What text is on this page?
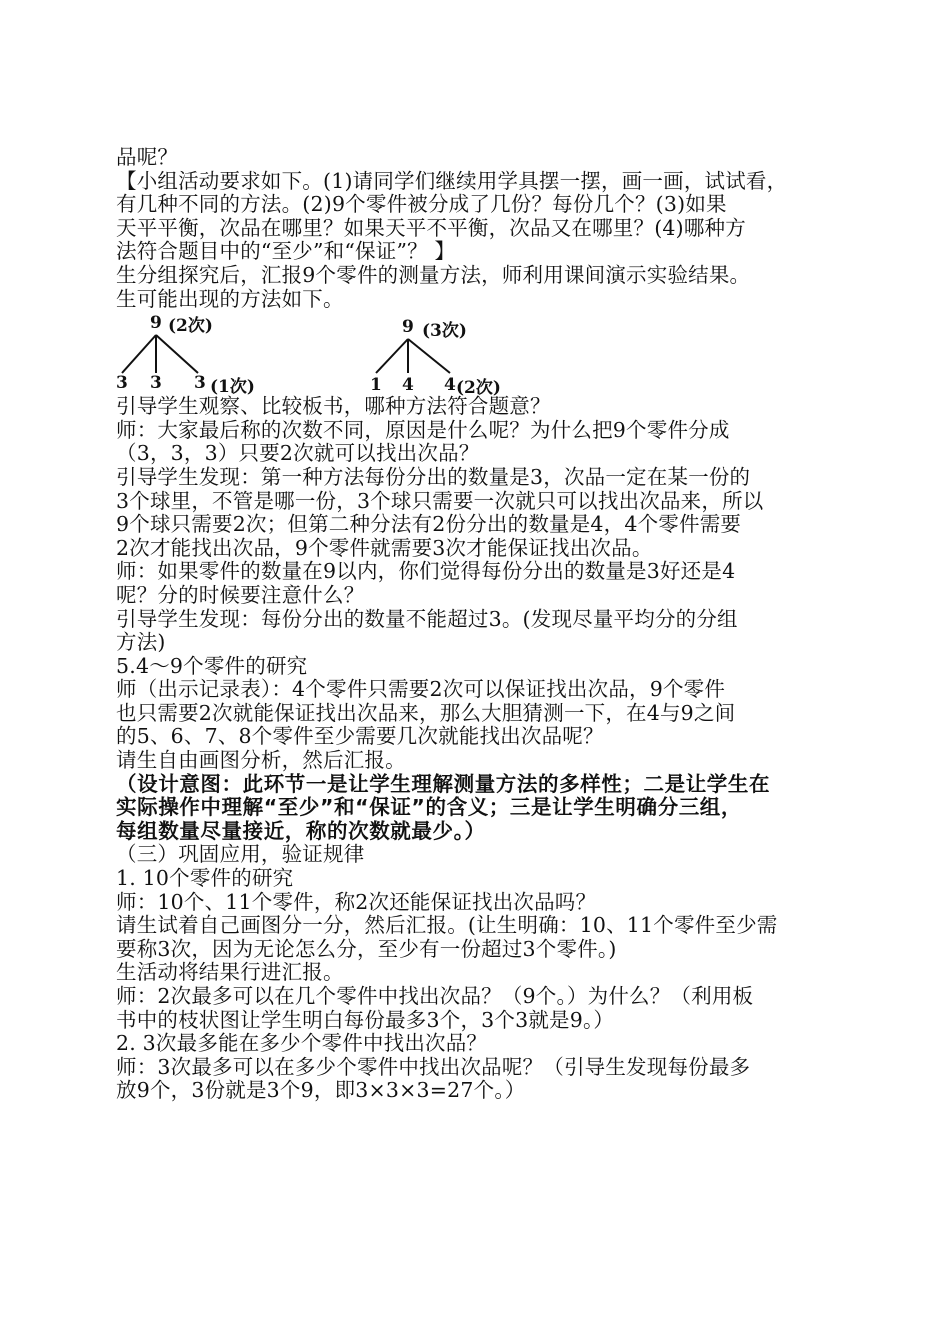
品呢？
【小组活动要求如下。(1)请同学们继续用学具摆一摆，画一画，试试看，
有几种不同的方法。(2)9个零件被分成了几份？每份几个？(3)如果
天平平衡，次品在哪里？如果天平不平衡，次品又在哪里？(4)哪种方
法符合题目中的“至少”和“保证”？ 】
生分组探究后，汇报9个零件的测量方法，师利用课间演示实验结果。
生可能出现的方法如下。
9 (2次)
3 3 3 (1次)
9 (3次)
1 4 4 (2次)
引导学生观察、比较板书，哪种方法符合题意？
师：大家最后称的次数不同，原因是什么呢？为什么把9个零件分成
（3，3，3）只要2次就可以找出次品？
引导学生发现：第一种方法每份分出的数量是3，次品一定在某一份的
3个球里，不管是哪一份，3个球只需要一次就只可以找出次品来，所以
9个球只需要2次；但第二种分法有2份分出的数量是4，4个零件需要
2次才能找出次品，9个零件就需要3次才能保证找出次品。
师：如果零件的数量在9以内，你们觉得每份分出的数量是3好还是4
呢？分的时候要注意什么？
引导学生发现：每份分出的数量不能超过3。(发现尽量平均分的分组
方法)
5.4～9个零件的研究
师（出示记录表）：4个零件只需要2次可以保证找出次品，9个零件
也只需要2次就能保证找出次品来，那么大胆猜测一下，在4与9之间
的5、6、7、8个零件至少需要几次就能找出次品呢？
请生自由画图分析，然后汇报。
（设计意图：此环节一是让学生理解测量方法的多样性；二是让学生在
实际操作中理解“至少”和“保证”的含义；三是让学生明确分三组，
每组数量尽量接近，称的次数就最少。）
（三）巩固应用，验证规律
1. 10个零件的研究
师：10个、11个零件，称2次还能保证找出次品吗？
请生试着自己画图分一分，然后汇报。(让生明确：10、11个零件至少需
要称3次，因为无论怎么分，至少有一份超过3个零件。)
生活动将结果行进汇报。
师：2次最多可以在几个零件中找出次品？（9个。）为什么？（利用板
书中的枝状图让学生明白每份最多3个，3个3就是9。）
2. 3次最多能在多少个零件中找出次品？
师：3次最多可以在多少个零件中找出次品呢？（引导生发现每份最多
放9个，3份就是3个9，即3×3×3=27个。）
